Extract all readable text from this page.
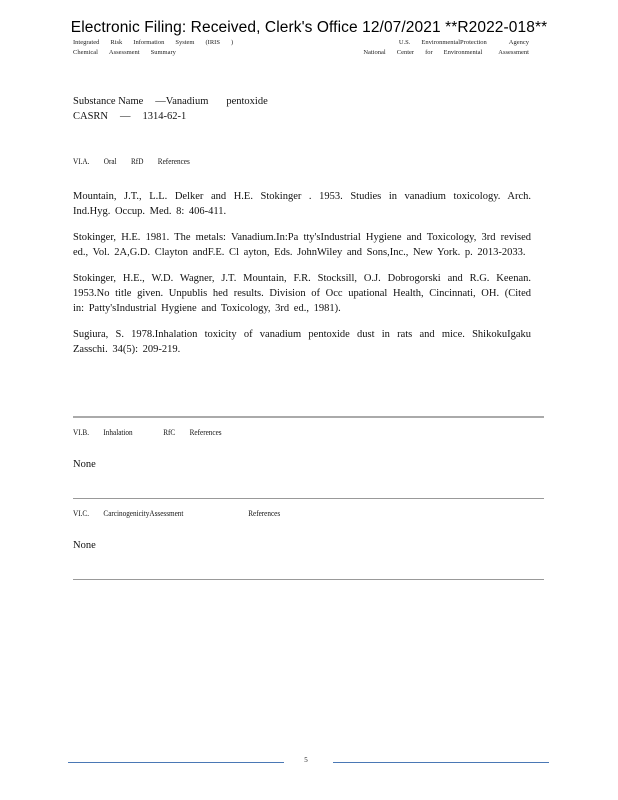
Electronic Filing: Received, Clerk's Office 12/07/2021 **R2022-018**
Integrated Risk Information System (IRIS )
Chemical Assessment Summary
U.S. EnvironmentalProtection	Agency
National Center for Environmental Assessment
Substance Name —Vanadium pentoxide
CASRN — 1314-62-1
VI.A. Oral RfD References

Mountain, J.T., L.L. Delker and H.E. Stokinger . 1953. Studies in vanadium toxicology. Arch. Ind.Hyg. Occup. Med. 8: 406-411.

Stokinger, H.E. 1981. The metals: Vanadium.In:Pa tty'sIndustrial Hygiene and Toxicology, 3rd revised ed., Vol. 2A,G.D. Clayton andF.E. Cl ayton, Eds. JohnWiley and Sons,Inc., New York. p. 2013-2033.

Stokinger, H.E., W.D. Wagner, J.T. Mountain, F.R. Stocksill, O.J. Dobrogorski and R.G. Keenan. 1953.No title given. Unpublis hed results. Division of Occ upational Health, Cincinnati, OH. (Cited in: Patty'sIndustrial Hygiene and Toxicology, 3rd ed., 1981).

Sugiura, S. 1978.Inhalation toxicity of vanadium pentoxide dust in rats and mice. ShikokuIgaku Zasschi. 34(5): 209-219.

VI.B. Inhalation	RfC References
None
VI.C. CarcinogenicityAssessment	References
None
5
